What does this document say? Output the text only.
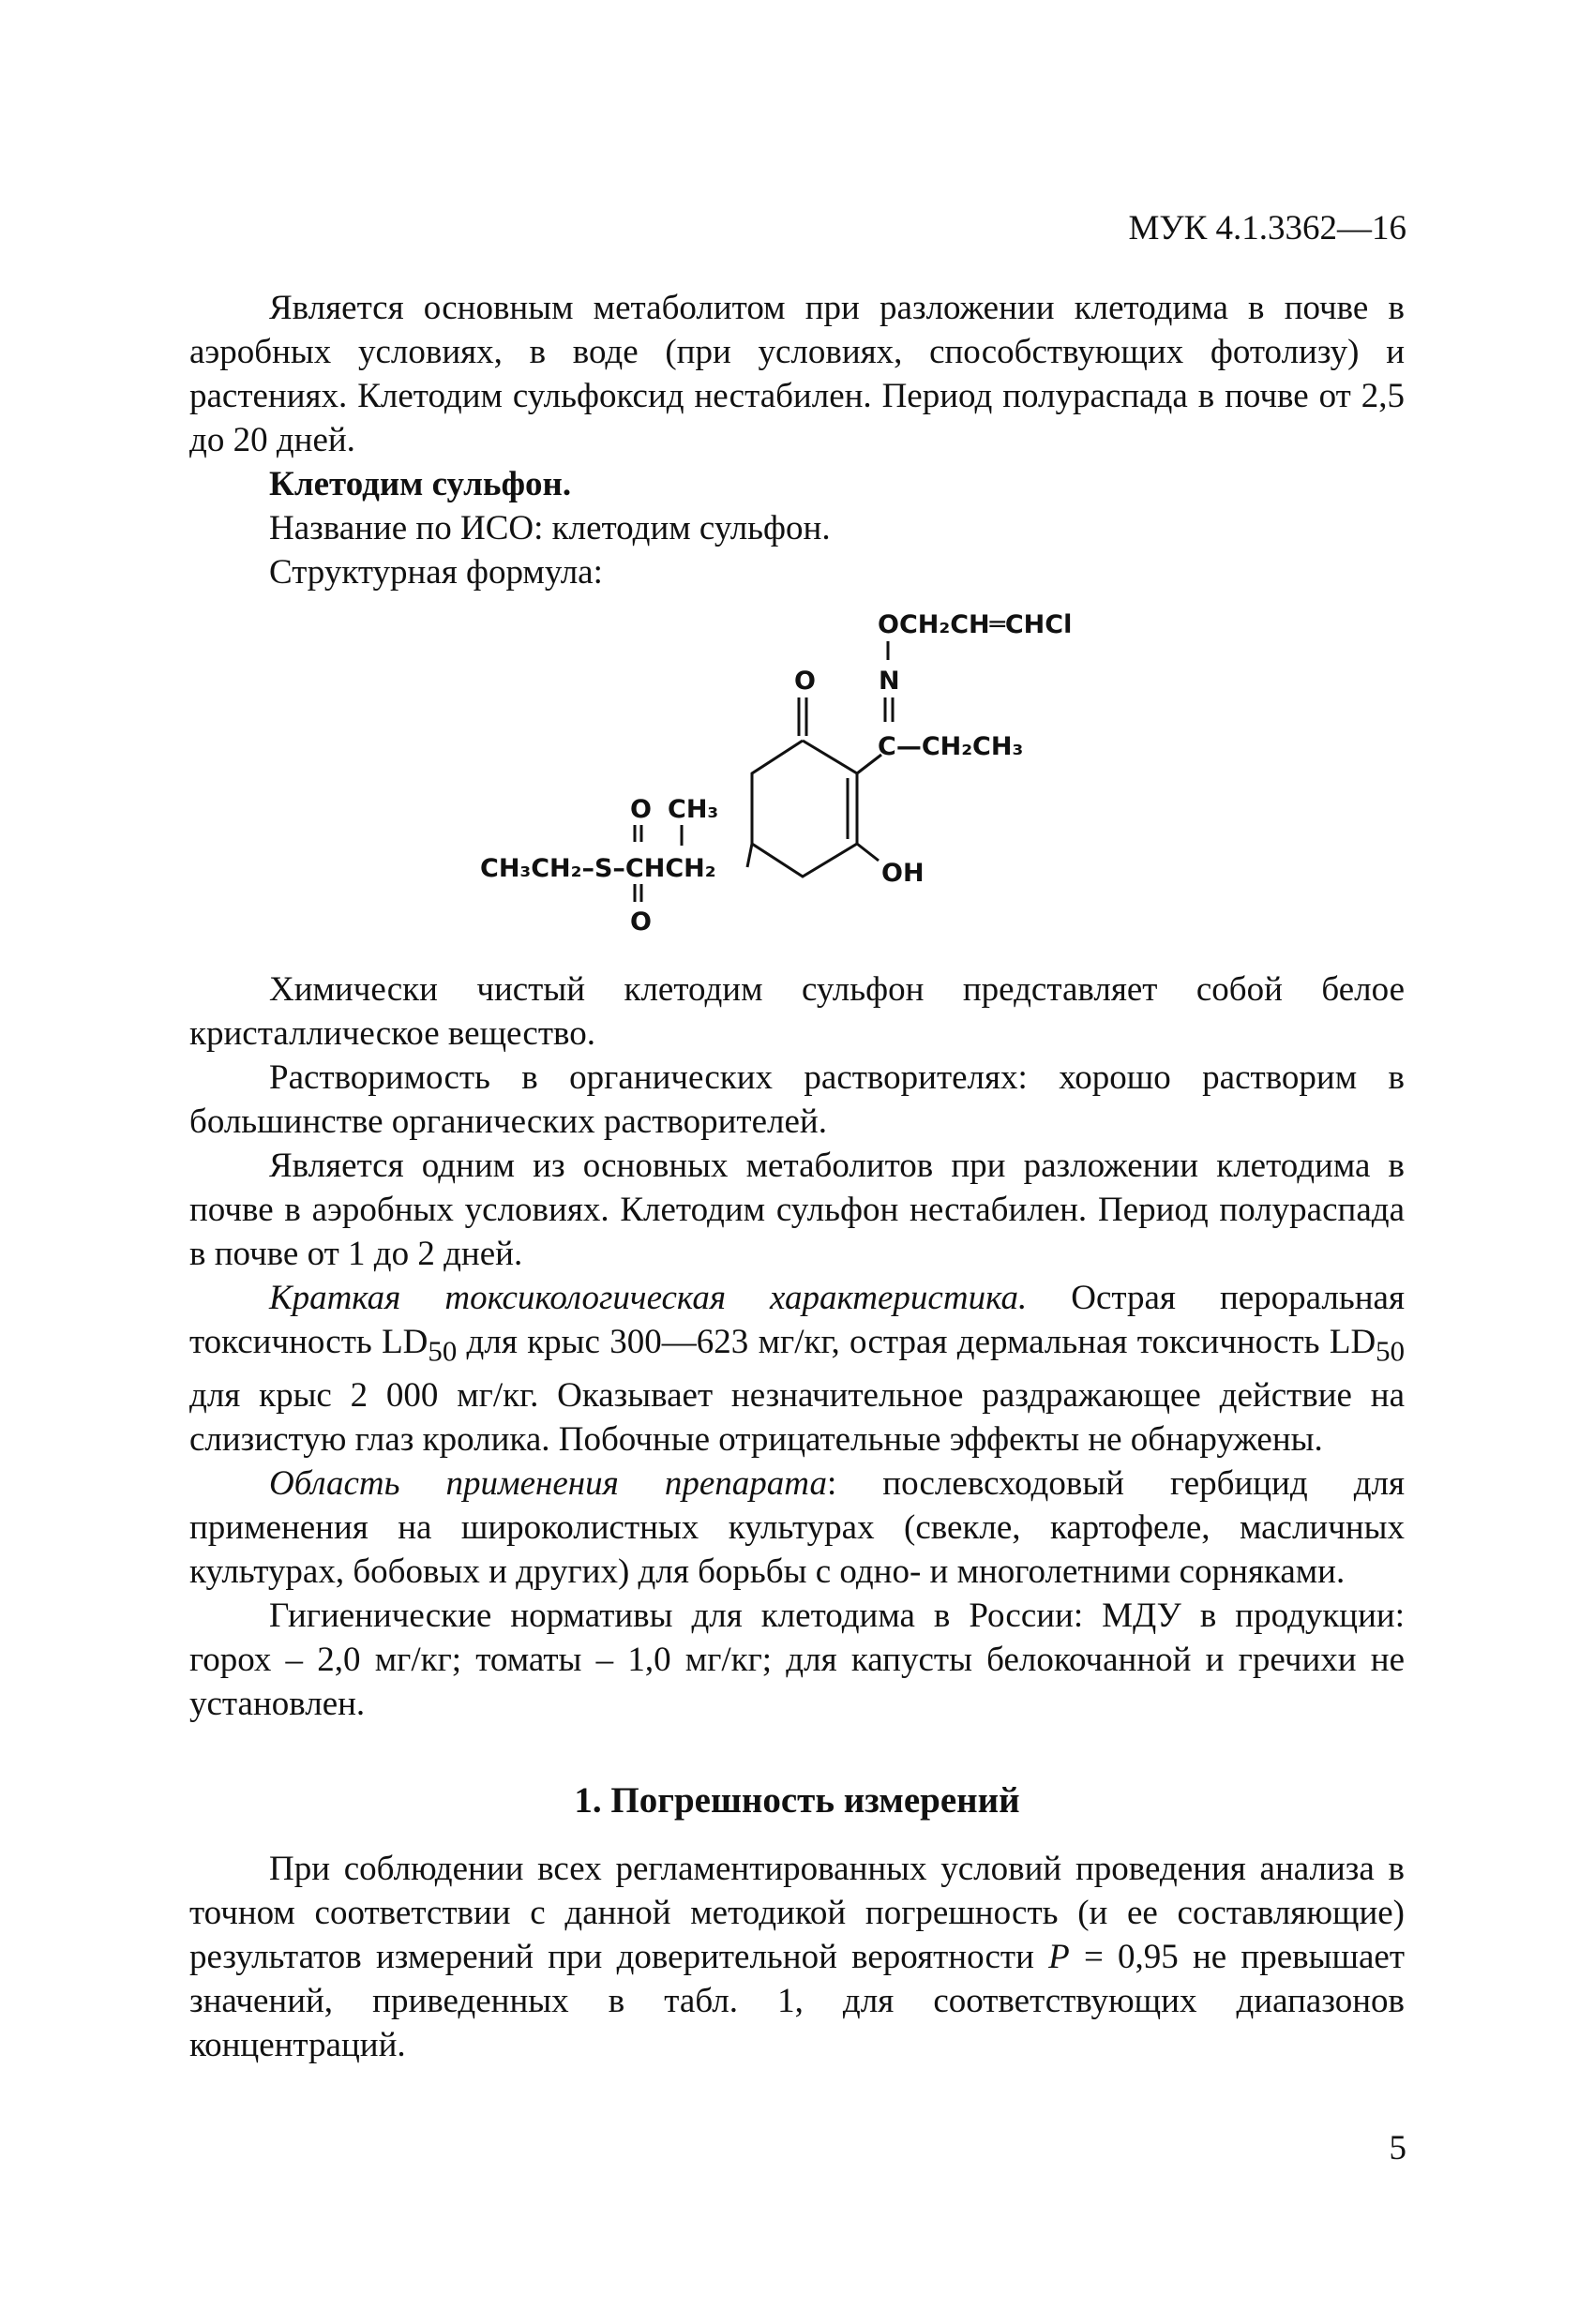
МУК 4.1.3362—16

Является основным метаболитом при разложении клетодима в почве в аэробных условиях, в воде (при условиях, способствующих фотолизу) и растениях. Клетодим сульфоксид нестабилен. Период полураспада в почве от 2,5 до 20 дней.

Клетодим сульфон.

Название по ИСО: клетодим сульфон.

Структурная формула:

OCH₂CH═CHCl
N
C—CH₂CH₃
O
OH
O CH₃
CH₃CH₂–S–CHCH₂
O

Химически чистый клетодим сульфон представляет собой белое кристаллическое вещество.

Растворимость в органических растворителях: хорошо растворим в большинстве органических растворителей.

Является одним из основных метаболитов при разложении клетодима в почве в аэробных условиях. Клетодим сульфон нестабилен. Период полураспада в почве от 1 до 2 дней.

Краткая токсикологическая характеристика. Острая пероральная токсичность $LD_{50}$ для крыс 300—623 мг/кг, острая дермальная токсичность $LD_{50}$ для крыс 2 000 мг/кг. Оказывает незначительное раздражающее действие на слизистую глаз кролика. Побочные отрицательные эффекты не обнаружены.

Область применения препарата: послевсходовый гербицид для применения на широколистных культурах (свекле, картофеле, масличных культурах, бобовых и других) для борьбы с одно- и многолетними сорняками.

Гигиенические нормативы для клетодима в России: МДУ в продукции: горох – 2,0 мг/кг; томаты – 1,0 мг/кг; для капусты белокочанной и гречихи не установлен.

1. Погрешность измерений

При соблюдении всех регламентированных условий проведения анализа в точном соответствии с данной методикой погрешность (и ее составляющие) результатов измерений при доверительной вероятности P = 0,95 не превышает значений, приведенных в табл. 1, для соответствующих диапазонов концентраций.

5
